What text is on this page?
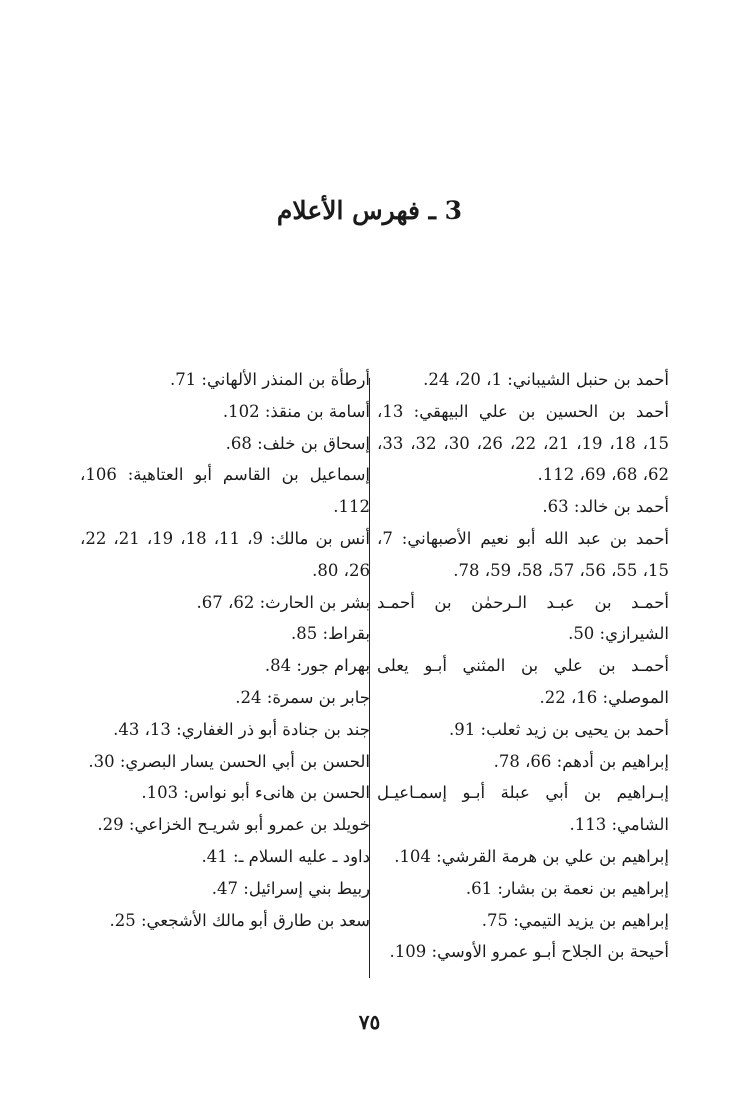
3 ـ فهرس الأعلام

أحمد بن حنبل الشيباني: 1، 20، 24.

أحمد بن الحسين بن علي البيهقي: 13، 15، 18، 19، 21، 22، 26، 30، 32، 33، 62، 68، 69، 112.

أحمد بن خالد: 63.

أحمد بن عبد الله أبو نعيم الأصبهاني: 7، 15، 55، 56، 57، 58، 59، 78.

أحمـد بن عبـد الـرحمٰن بن أحمـد الشيرازي: 50.

أحمـد بن علي بن المثني أبـو يعلى الموصلي: 16، 22.

أحمد بن يحيى بن زيد ثعلب: 91.

إبراهيم بن أدهم: 66، 78.

إبـراهيم بن أبي عبلة أبـو إسمـاعيـل الشامي: 113.

إبراهيم بن علي بن هرمة القرشي: 104.

إبراهيم بن نعمة بن بشار: 61.

إبراهيم بن يزيد التيمي: 75.

أحيحة بن الجلاح أبـو عمرو الأوسي: 109.

أرطأة بن المنذر الألهاني: 71.

أسامة بن منقذ: 102.

إسحاق بن خلف: 68.

إسماعيل بن القاسم أبو العتاهية: 106، 112.

أنس بن مالك: 9، 11، 18، 19، 21، 22، 26، 80.

بشر بن الحارث: 62، 67.

بقراط: 85.

بهرام جور: 84.

جابر بن سمرة: 24.

جند بن جنادة أبو ذر الغفاري: 13، 43.

الحسن بن أبي الحسن يسار البصري: 30.

الحسن بن هانىء أبو نواس: 103.

خويلد بن عمرو أبو شريـح الخزاعي: 29.

داود ـ عليه السلام ـ: 41.

ربيط بني إسرائيل: 47.

سعد بن طارق أبو مالك الأشجعي: 25.

٧٥
